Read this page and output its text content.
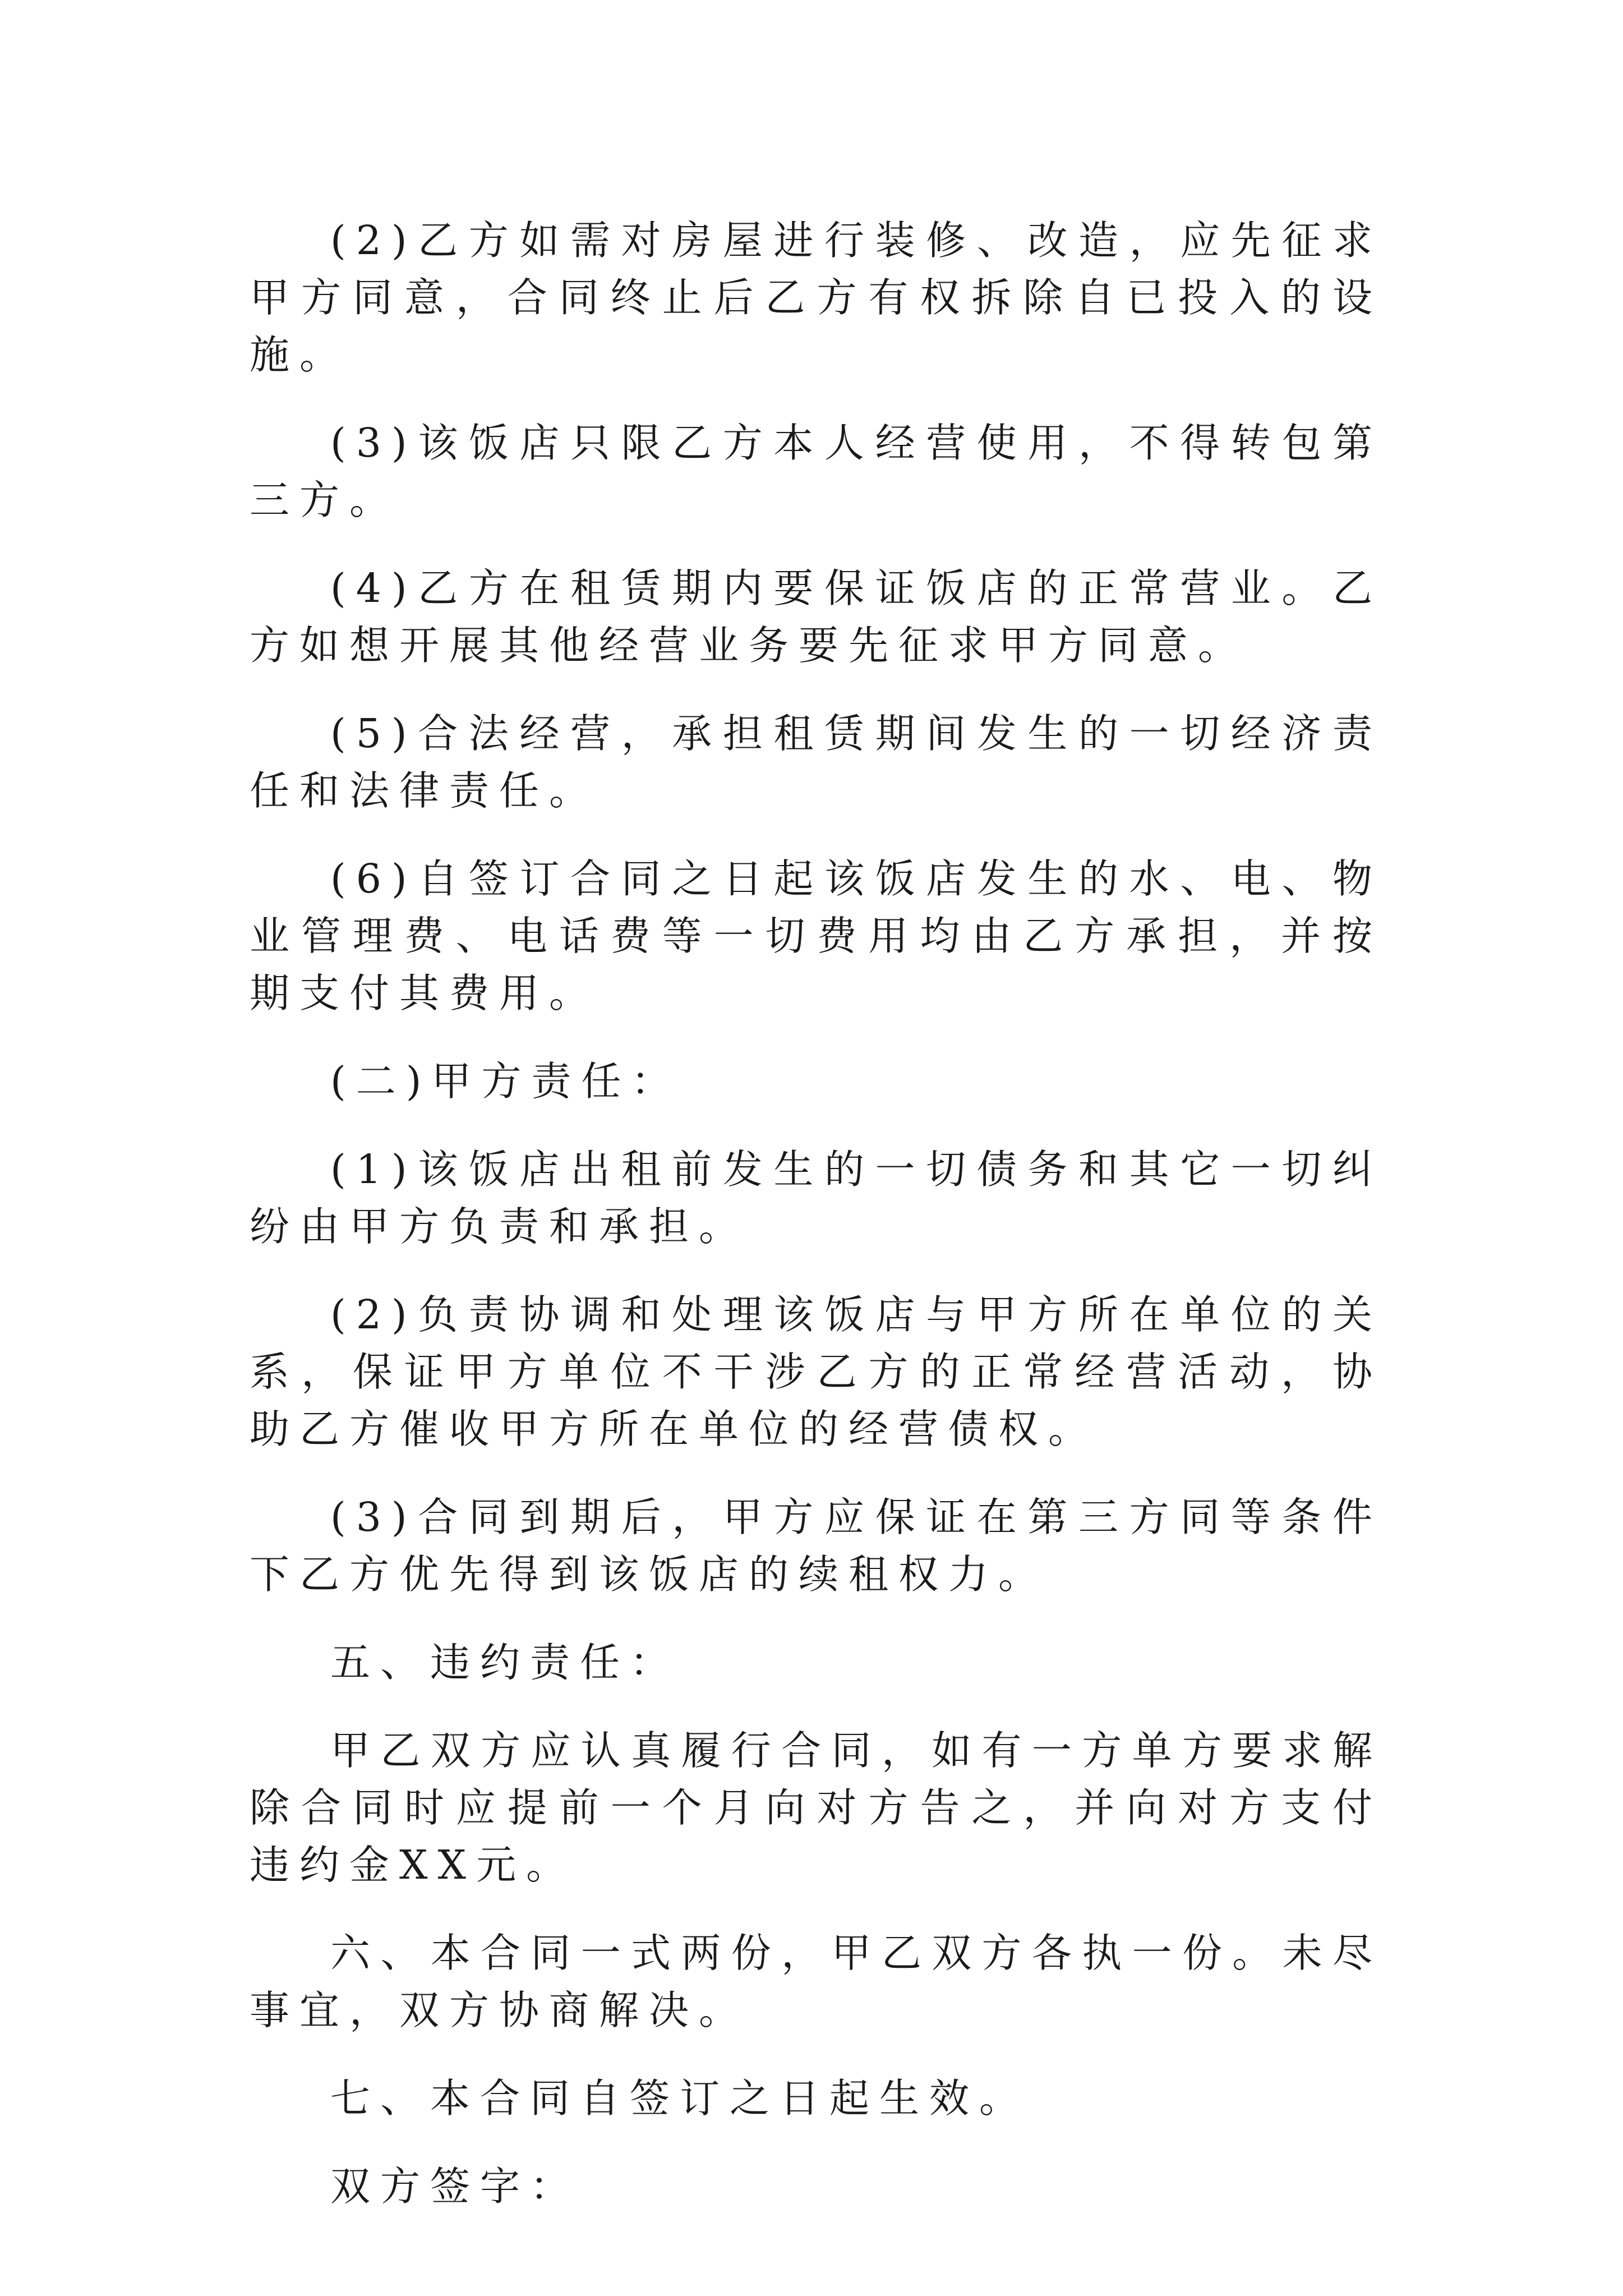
(2)乙方如需对房屋进行装修、改造，应先征求甲方同意，合同终止后乙方有权拆除自已投入的设施。

(3)该饭店只限乙方本人经营使用，不得转包第三方。

(4)乙方在租赁期内要保证饭店的正常营业。乙方如想开展其他经营业务要先征求甲方同意。

(5)合法经营，承担租赁期间发生的一切经济责任和法律责任。

(6)自签订合同之日起该饭店发生的水、电、物业管理费、电话费等一切费用均由乙方承担，并按期支付其费用。

(二)甲方责任：

(1)该饭店出租前发生的一切债务和其它一切纠纷由甲方负责和承担。

(2)负责协调和处理该饭店与甲方所在单位的关系，保证甲方单位不干涉乙方的正常经营活动，协助乙方催收甲方所在单位的经营债权。

(3)合同到期后，甲方应保证在第三方同等条件下乙方优先得到该饭店的续租权力。

五、违约责任：

甲乙双方应认真履行合同，如有一方单方要求解除合同时应提前一个月向对方告之，并向对方支付违约金XX元。

六、本合同一式两份，甲乙双方各执一份。未尽事宜，双方协商解决。

七、本合同自签订之日起生效。

双方签字：
